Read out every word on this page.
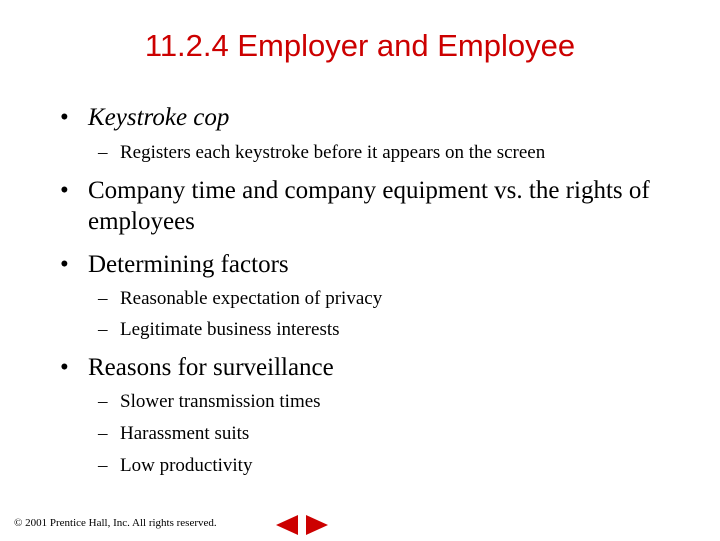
11.2.4 Employer and Employee
• Keystroke cop
– Registers each keystroke before it appears on the screen
• Company time and company equipment vs. the rights of employees
• Determining factors
– Reasonable expectation of privacy
– Legitimate business interests
• Reasons for surveillance
– Slower transmission times
– Harassment suits
– Low productivity
© 2001 Prentice Hall, Inc. All rights reserved.
